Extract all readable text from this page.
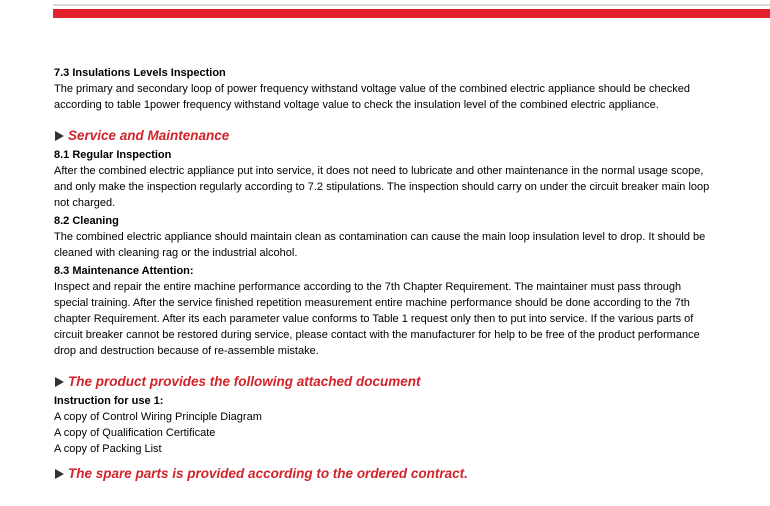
7.3 Insulations Levels Inspection

The primary and secondary loop of power frequency withstand voltage value of the combined electric appliance should be checked according to table 1power frequency withstand voltage value to check the insulation level of the combined electric appliance.

Service and Maintenance
8.1 Regular Inspection

After the combined electric appliance put into service, it does not need to lubricate and other maintenance in the normal usage scope, and only make the inspection regularly according to 7.2 stipulations. The inspection should carry on under the circuit breaker main loop not charged.

8.2 Cleaning

The combined electric appliance should maintain clean as contamination can cause the main loop insulation level to drop. It should be cleaned with cleaning rag or the industrial alcohol.

8.3 Maintenance Attention:

Inspect and repair the entire machine performance according to the 7th Chapter Requirement. The maintainer must pass through special training. After the service finished repetition measurement entire machine performance should be done according to the 7th chapter Requirement. After its each parameter value conforms to Table 1 request only then to put into service. If the various parts of circuit breaker cannot be restored during service, please contact with the manufacturer for help to be free of the product performance drop and destruction because of re-assemble mistake.

The product provides the following attached document
Instruction for use 1:

A copy of Control Wiring Principle Diagram

A copy of Qualification Certificate

A copy of Packing List

The spare parts is provided according to the ordered contract.
